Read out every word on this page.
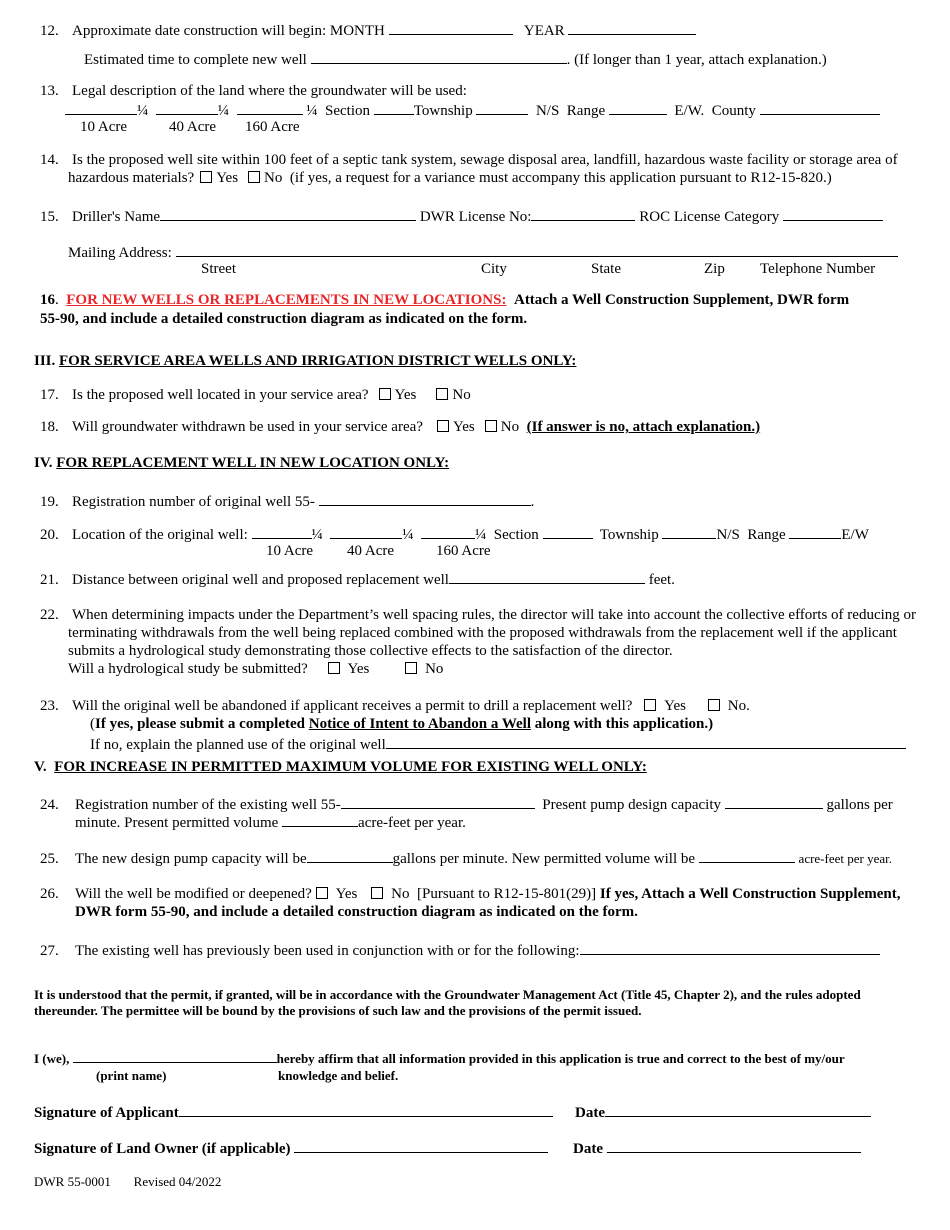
12. Approximate date construction will begin: MONTH	YEAR
Estimated time to complete new well	. (If longer than 1 year, attach explanation.)
13. Legal description of the land where the groundwater will be used:
¼	¼	¼ Section	Township	N/S Range	E/W. County
10 Acre	40 Acre 160 Acre
14. Is the proposed well site within 100 feet of a septic tank system, sewage disposal area, landfill, hazardous waste facility or storage area of
hazardous materials? Yes No (if yes, a request for a variance must accompany this application pursuant to R12-15-820.)
15. Driller's Name	DWR License No:	ROC License Category
Mailing Address:
Street	City	State	Zip Telephone Number
16. FOR NEW WELLS OR REPLACEMENTS IN NEW LOCATIONS: Attach a Well Construction Supplement, DWR form
55-90, and include a detailed construction diagram as indicated on the form.
III. FOR SERVICE AREA WELLS AND IRRIGATION DISTRICT WELLS ONLY:
17. Is the proposed well located in your service area? Yes No
18. Will groundwater withdrawn be used in your service area? Yes No (If answer is no, attach explanation.)
IV. FOR REPLACEMENT WELL IN NEW LOCATION ONLY:
19. Registration number of original well 55-	.
20. Location of the original well:	¼	¼	¼ Section	Township	N/S Range	E/W
10 Acre 40 Acre	160 Acre
21. Distance between original well and proposed replacement well	feet.
22. When determining impacts under the Department’s well spacing rules, the director will take into account the collective efforts of reducing or
terminating withdrawals from the well being replaced combined with the proposed withdrawals from the replacement well if the applicant
submits a hydrological study demonstrating those collective effects to the satisfaction of the director.
Will a hydrological study be submitted?	Yes	No
23. Will the original well be abandoned if applicant receives a permit to drill a replacement well? Yes	No.
(If yes, please submit a completed Notice of Intent to Abandon a Well along with this application.)
If no, explain the planned use of the original well
V. FOR INCREASE IN PERMITTED MAXIMUM VOLUME FOR EXISTING WELL ONLY:
24. Registration number of the existing well 55-	Present pump design capacity	gallons per
minute. Present permitted volume	acre-feet per year.
25. The new design pump capacity will be	gallons per minute. New permitted volume will be	acre-feet per year.
26. Will the well be modified or deepened? Yes No [Pursuant to R12-15-801(29)] If yes, Attach a Well Construction Supplement,
DWR form 55-90, and include a detailed construction diagram as indicated on the form.
27. The existing well has previously been used in conjunction with or for the following:
It is understood that the permit, if granted, will be in accordance with the Groundwater Management Act (Title 45, Chapter 2), and the rules adopted
thereunder. The permittee will be bound by the provisions of such law and the provisions of the permit issued.
I (we),	hereby affirm that all information provided in this application is true and correct to the best of my/our
(print name)	knowledge and belief.
Signature of Applicant	Date
Signature of Land Owner (if applicable)	Date
DWR 55-0001 Revised 04/2022
